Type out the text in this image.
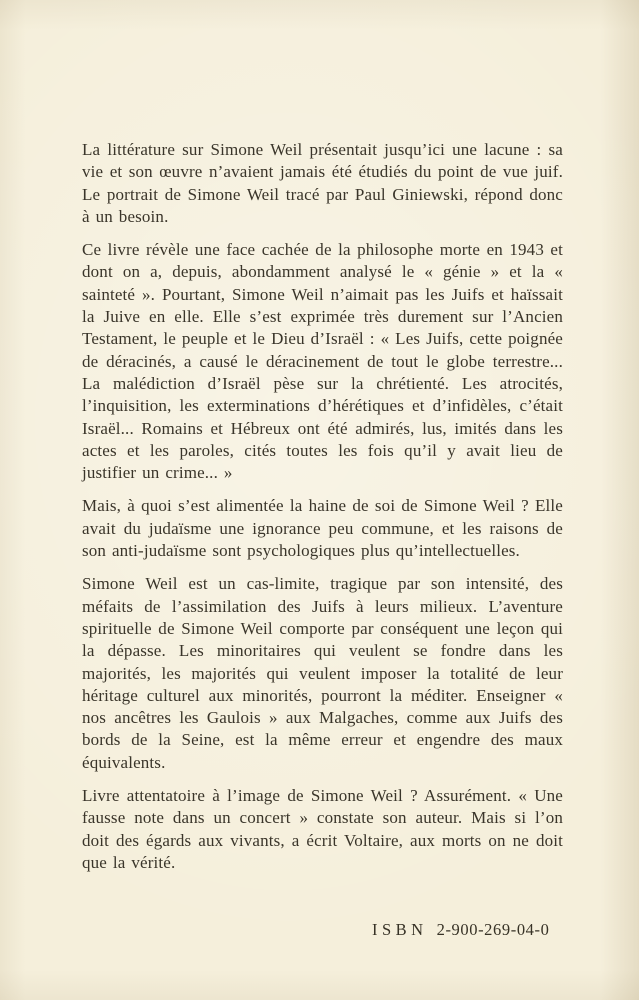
La littérature sur Simone Weil présentait jusqu’ici une lacune : sa vie et son œuvre n’avaient jamais été étudiés du point de vue juif. Le portrait de Simone Weil tracé par Paul Giniewski, répond donc à un besoin.

Ce livre révèle une face cachée de la philosophe morte en 1943 et dont on a, depuis, abondamment analysé le « génie » et la « sainteté ». Pourtant, Simone Weil n’aimait pas les Juifs et haïssait la Juive en elle. Elle s’est exprimée très durement sur l’Ancien Testament, le peuple et le Dieu d’Israël : « Les Juifs, cette poignée de déracinés, a causé le déracinement de tout le globe terrestre... La malédiction d’Israël pèse sur la chrétienté. Les atrocités, l’inquisition, les exterminations d’hérétiques et d’infidèles, c’était Israël... Romains et Hébreux ont été admirés, lus, imités dans les actes et les paroles, cités toutes les fois qu’il y avait lieu de justifier un crime... »

Mais, à quoi s’est alimentée la haine de soi de Simone Weil ? Elle avait du judaïsme une ignorance peu commune, et les raisons de son anti-judaïsme sont psychologiques plus qu’intellectuelles.

Simone Weil est un cas-limite, tragique par son intensité, des méfaits de l’assimilation des Juifs à leurs milieux. L’aventure spirituelle de Simone Weil comporte par conséquent une leçon qui la dépasse. Les minoritaires qui veulent se fondre dans les majorités, les majorités qui veulent imposer la totalité de leur héritage culturel aux minorités, pourront la méditer. Enseigner « nos ancêtres les Gaulois » aux Malgaches, comme aux Juifs des bords de la Seine, est la même erreur et engendre des maux équivalents.

Livre attentatoire à l’image de Simone Weil ? Assurément. « Une fausse note dans un concert » constate son auteur. Mais si l’on doit des égards aux vivants, a écrit Voltaire, aux morts on ne doit que la vérité.

ISBN 2-900-269-04-0
